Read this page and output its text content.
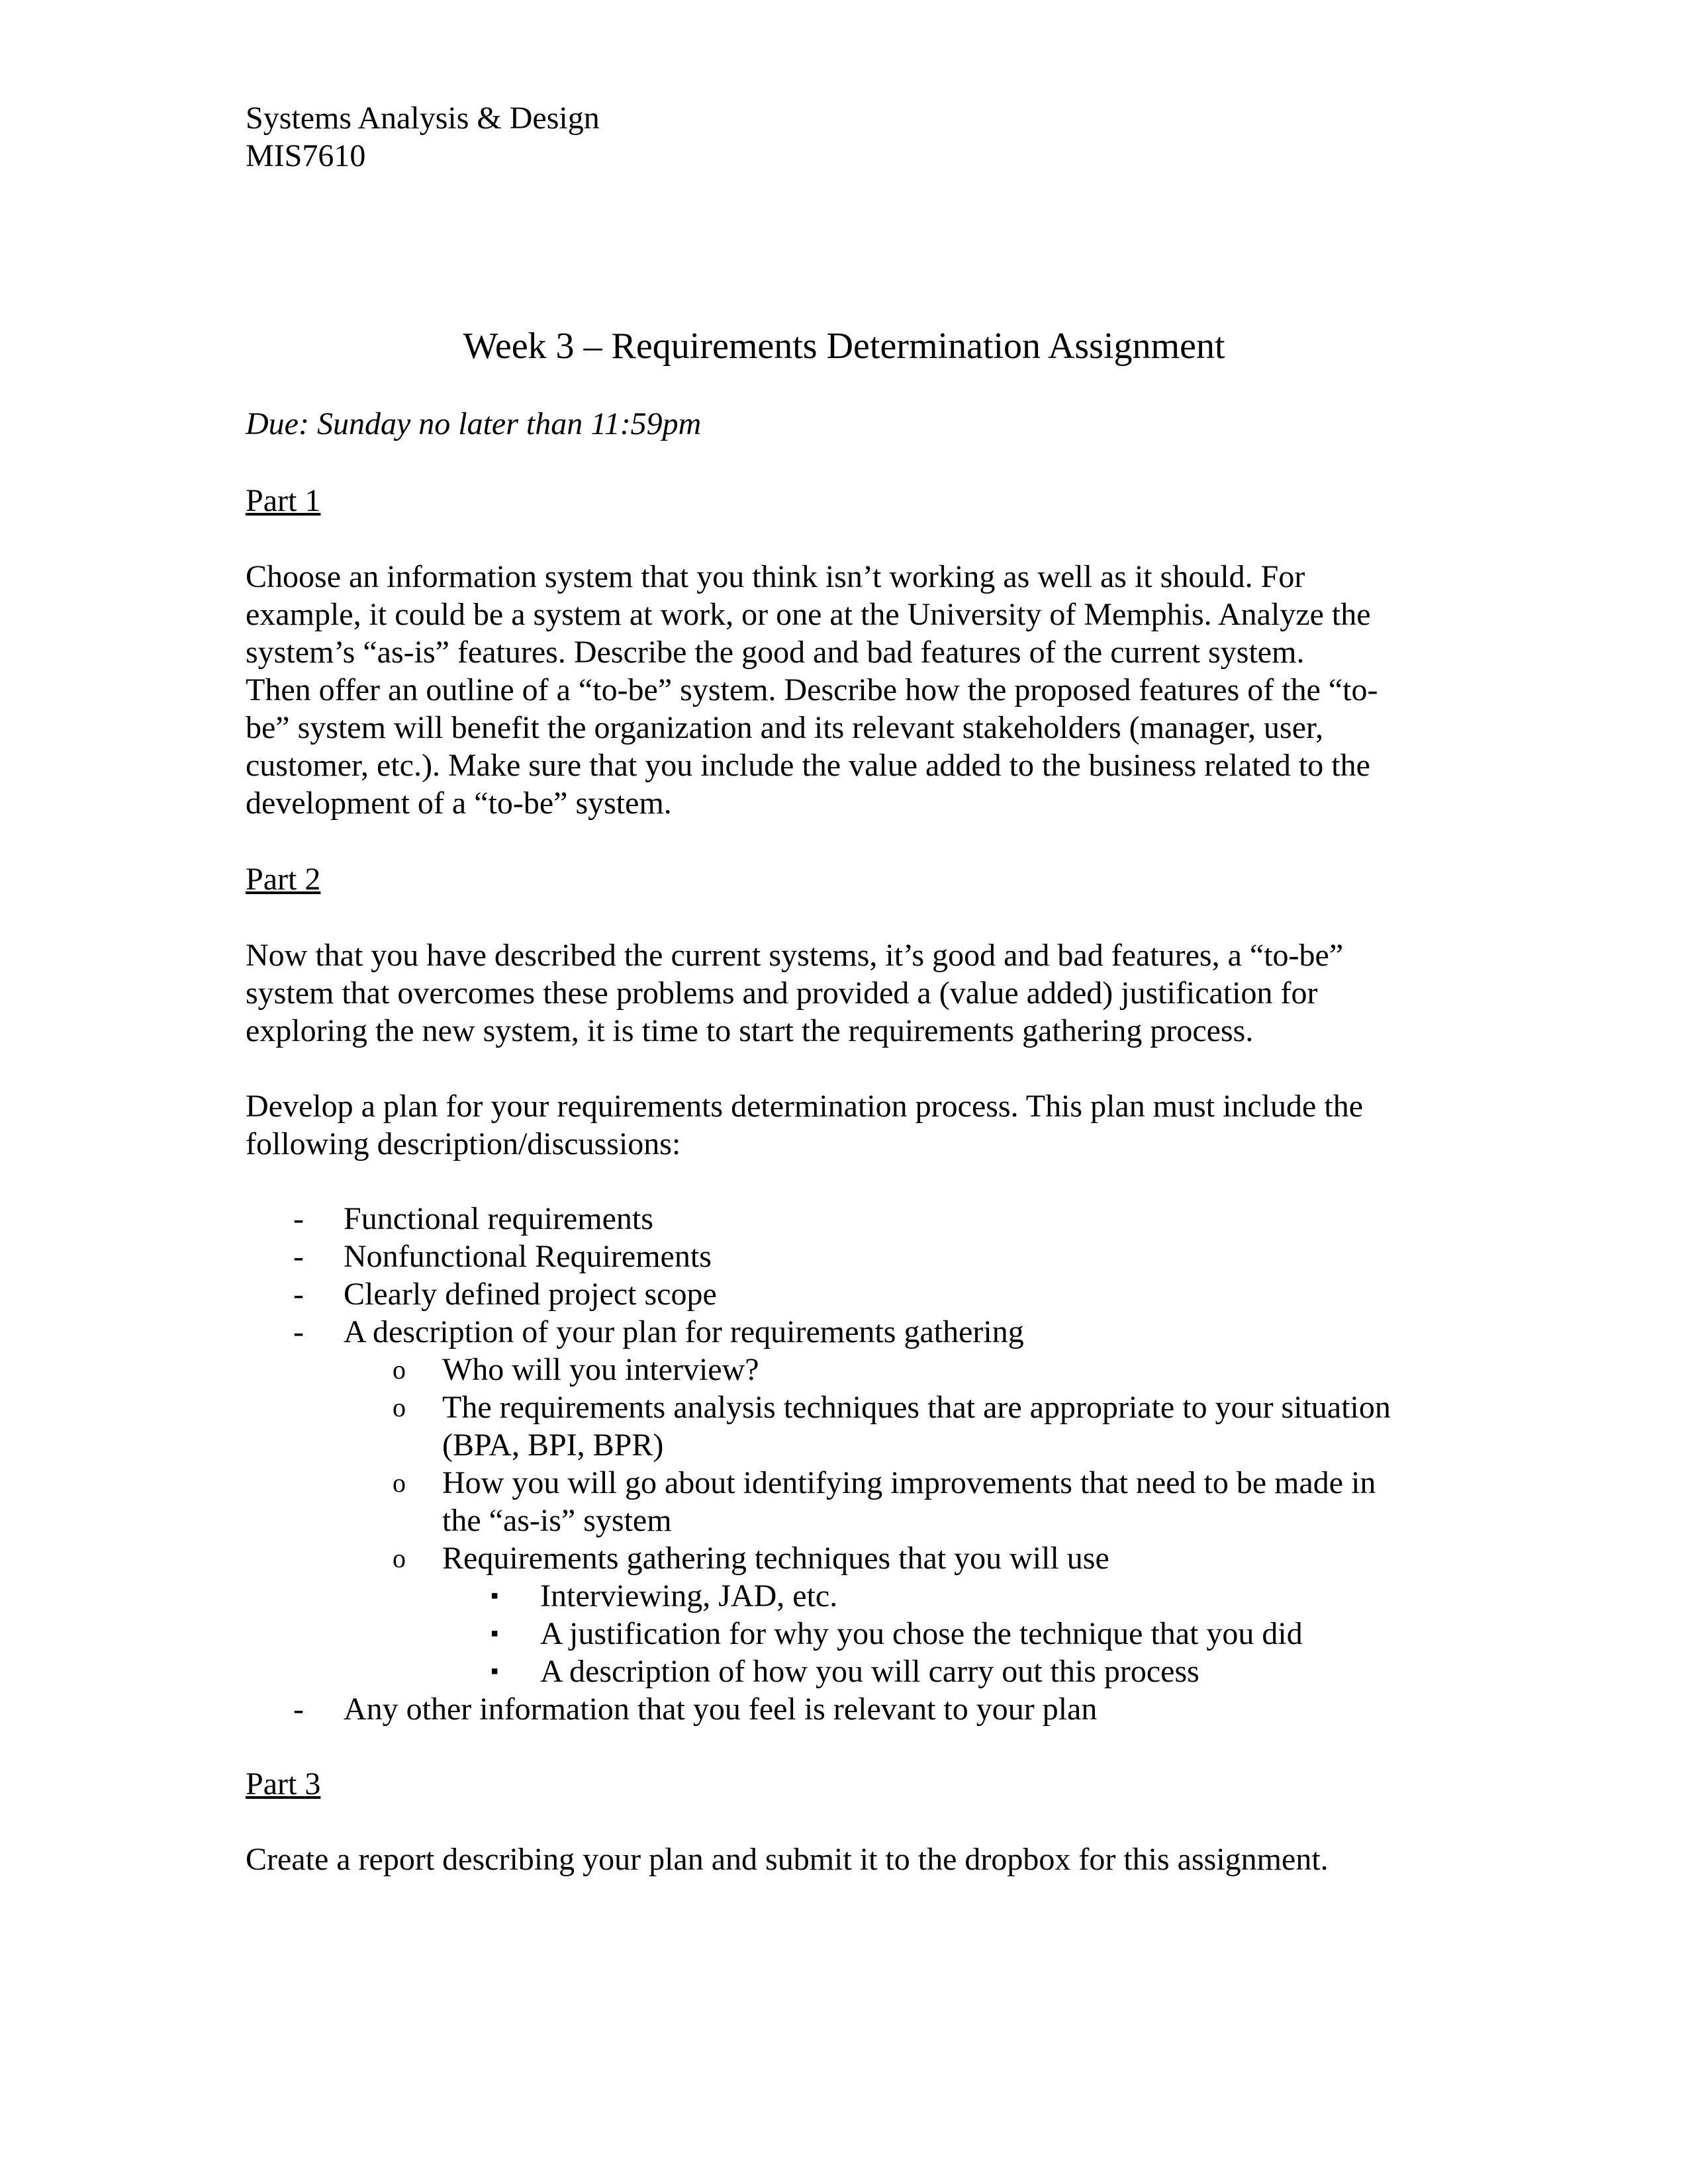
Systems Analysis & Design
MIS7610
Week 3 – Requirements Determination Assignment
Due: Sunday no later than 11:59pm
Part 1
Choose an information system that you think isn’t working as well as it should. For
example, it could be a system at work, or one at the University of Memphis. Analyze the
system’s “as-is” features. Describe the good and bad features of the current system.
Then offer an outline of a “to-be” system. Describe how the proposed features of the “to-
be” system will benefit the organization and its relevant stakeholders (manager, user,
customer, etc.). Make sure that you include the value added to the business related to the
development of a “to-be” system.
Part 2
Now that you have described the current systems, it’s good and bad features, a “to-be”
system that overcomes these problems and provided a (value added) justification for
exploring the new system, it is time to start the requirements gathering process.
Develop a plan for your requirements determination process. This plan must include the
following description/discussions:
- Functional requirements
- Nonfunctional Requirements
- Clearly defined project scope
- A description of your plan for requirements gathering
o Who will you interview?
o The requirements analysis techniques that are appropriate to your situation
(BPA, BPI, BPR)
o How you will go about identifying improvements that need to be made in
the “as-is” system
o Requirements gathering techniques that you will use
▪ Interviewing, JAD, etc.
▪ A justification for why you chose the technique that you did
▪ A description of how you will carry out this process
- Any other information that you feel is relevant to your plan
Part 3
Create a report describing your plan and submit it to the dropbox for this assignment.
